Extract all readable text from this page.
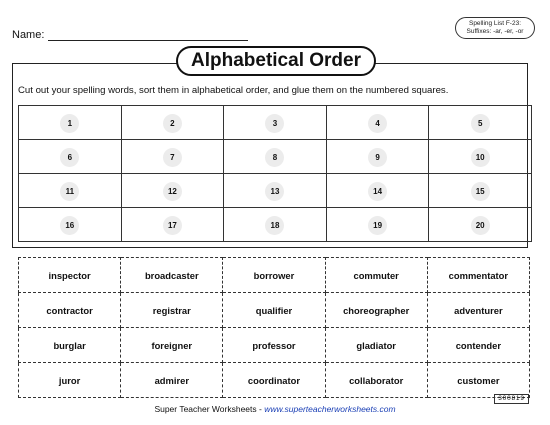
Name:
Spelling List F-23:
Suffixes: -ar, -er, -or
Alphabetical Order
Cut out your spelling words, sort them in alphabetical order, and glue them on the numbered squares.
1	2	3	4	5
6	7	8	9	10
11	12	13	14	15
16	17	18	19	20
inspector	broadcaster	borrower	commuter	commentator
contractor	registrar	qualifier	choreographer	adventurer
burglar	foreigner	professor	gladiator	contender
juror	admirer	coordinator	collaborator	customer
300819
Super Teacher Worksheets - www.superteacherworksheets.com
